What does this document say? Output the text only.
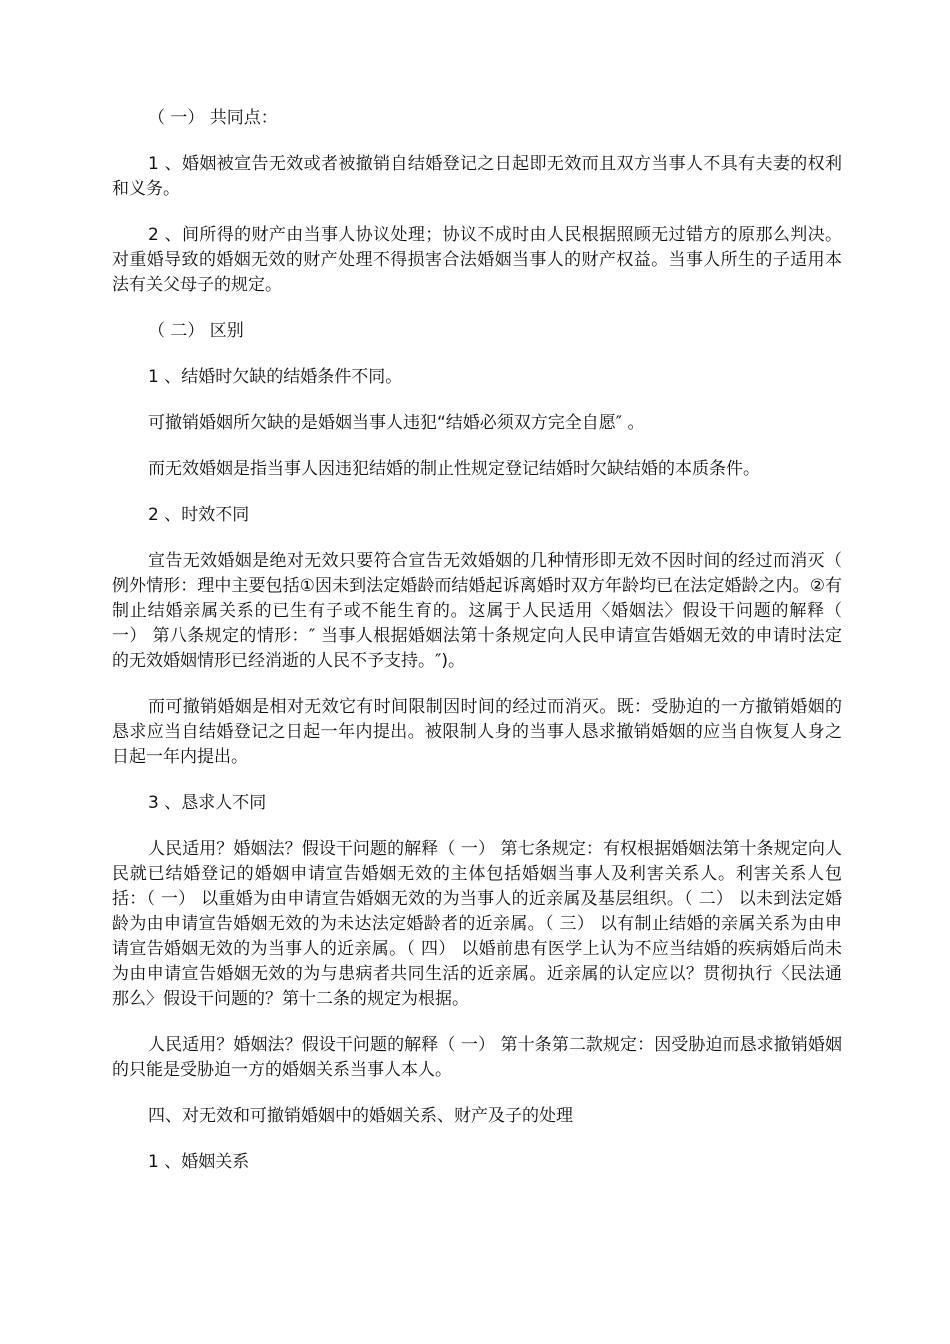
（ 一） 共同点：

1 、婚姻被宣告无效或者被撤销自结婚登记之日起即无效而且双方当事人不具有夫妻的权利和义务。

2 、间所得的财产由当事人协议处理；协议不成时由人民根据照顾无过错方的原那么判决。对重婚导致的婚姻无效的财产处理不得损害合法婚姻当事人的财产权益。当事人所生的子适用本法有关父母子的规定。

（ 二） 区别

1 、结婚时欠缺的结婚条件不同。

可撤销婚姻所欠缺的是婚姻当事人违犯“结婚必须双方完全自愿″ 。

而无效婚姻是指当事人因违犯结婚的制止性规定登记结婚时欠缺结婚的本质条件。

2 、时效不同

宣告无效婚姻是绝对无效只要符合宣告无效婚姻的几种情形即无效不因时间的经过而消灭（ 例外情形：理中主要包括①因未到法定婚龄而结婚起诉离婚时双方年龄均已在法定婚龄之内。②有制止结婚亲属关系的已生有子或不能生育的。这属于人民适用〈婚姻法〉假设干问题的解释（ 一） 第八条规定的情形：″ 当事人根据婚姻法第十条规定向人民申请宣告婚姻无效的申请时法定的无效婚姻情形已经消逝的人民不予支持。″)。

而可撤销婚姻是相对无效它有时间限制因时间的经过而消灭。既：受胁迫的一方撤销婚姻的恳求应当自结婚登记之日起一年内提出。被限制人身的当事人恳求撤销婚姻的应当自恢复人身之日起一年内提出。

3 、恳求人不同

人民适用？婚姻法？假设干问题的解释（ 一） 第七条规定：有权根据婚姻法第十条规定向人民就已结婚登记的婚姻申请宣告婚姻无效的主体包括婚姻当事人及利害关系人。利害关系人包括：（ 一） 以重婚为由申请宣告婚姻无效的为当事人的近亲属及基层组织。（ 二） 以未到法定婚龄为由申请宣告婚姻无效的为未达法定婚龄者的近亲属。（ 三） 以有制止结婚的亲属关系为由申请宣告婚姻无效的为当事人的近亲属。（ 四） 以婚前患有医学上认为不应当结婚的疾病婚后尚未为由申请宣告婚姻无效的为与患病者共同生活的近亲属。近亲属的认定应以？贯彻执行〈民法通那么〉假设干问题的？第十二条的规定为根据。

人民适用？婚姻法？假设干问题的解释（ 一） 第十条第二款规定：因受胁迫而恳求撤销婚姻的只能是受胁迫一方的婚姻关系当事人本人。

四、对无效和可撤销婚姻中的婚姻关系、财产及子的处理

1 、婚姻关系
